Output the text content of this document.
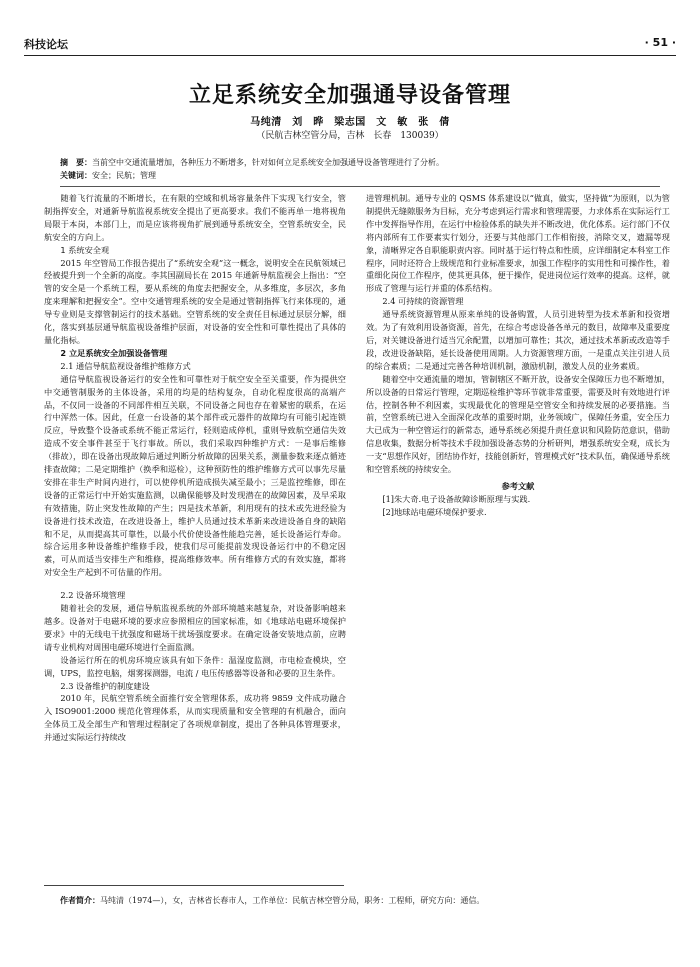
科技论坛	· 51 ·
立足系统安全加强通导设备管理
马纯清　刘　晔　梁志国　文　敏　张　倩
（民航吉林空管分局，吉林　长春　130039）
摘　要：当前空中交通流量增加，各种压力不断增多，针对如何立足系统安全加强通导设备管理进行了分析。
关键词：安全；民航；管理

随着飞行流量的不断增长，在有限的空域和机场容量条件下实现飞行安全，管制指挥安全，对通新导航监视系统安全提出了更高要求。我们不能再单一地将视角局限于本岗，本部门上，而是应该将视角扩展到通导系统安全，空管系统安全，民航安全的方向上。

1 系统安全观

2015 年空管局工作报告提出了“系统安全观”这一概念，说明安全在民航领域已经被提升到一个全新的高度。李其国副局长在 2015 年通新导航监视会上指出：“空管的安全是一个系统工程，要从系统的角度去把握安全，从多维度，多层次，多角度来理解和把握安全”。空中交通管理系统的安全是通过管制指挥飞行来体现的，通导专业则是支撑管制运行的技术基础。空管系统的安全责任目标通过层层分解，细化，落实到基层通导航监视设备维护层面，对设备的安全性和可靠性提出了具体的量化指标。

2 立足系统安全加强设备管理
2.1 通信导航监视设备维护维修方式

通信导航监视设备运行的安全性和可靠性对于航空安全至关重要，作为提供空中交通管制服务的主体设备，采用的均是的结构复杂，自动化程度很高的高端产品，不仅同一设备的不同部件相互关联，不同设备之间也存在着紧密的联系，在运行中浑然一体。因此，任意一台设备的某个部件或元器件的故障均有可能引起连锁反应，导致整个设备或系统不能正常运行，轻则造成停机，重则导致航空通信失效造成不安全事件甚至于飞行事故。所以，我们采取四种维护方式：一是事后维修（排故），即在设备出现故障后通过判断分析故障的因果关系，测量参数来逐点循迹排查故障；二是定期维护（换季和巡检），这种预防性的维护维修方式可以事先尽量安排在非生产时间内进行，可以使停机所造成损失减至最小；三是监控维修，即在设备的正常运行中开始实施监测，以确保能够及时发现潜在的故障因素，及早采取有效措施，防止突发性故障的产生；四是技术革新，利用现有的技术或先进经验为设备进行技术改造，在改进设备上，维护人员通过技术革新来改进设备自身的缺陷和不足，从而提高其可靠性，以最小代价使设备性能趋完善，延长设备运行寿命。综合运用多种设备维护维修手段，使我们尽可能提前发现设备运行中的不稳定因素，可从而适当安排生产和维修，提高维修效率。所有维修方式的有效实施，都将对安全生产起到不可估量的作用。

2.2 设备环境管理

随着社会的发展，通信导航监视系统的外部环境越来越复杂，对设备影响越来越多。设备对于电磁环境的要求应参照相应的国家标准，如《地球站电磁环境保护要求》中的无线电干扰强度和磁场干扰场强度要求。在确定设备安装地点前，应聘请专业机构对周围电磁环境进行全面监测。

设备运行所在的机房环境应该具有如下条件：温湿度监测，市电检查模块，空调，UPS，监控电脑，烟雾探测器，电流 / 电压传感器等设备和必要的卫生条件。

2.3 设备维护的制度建设

2010 年，民航空管系统全面推行安全管理体系，成功将 9859 文件成功融合入 ISO9001:2000 规范化管理体系，从而实现质量和安全管理的有机融合，面向全体员工及全部生产和管理过程制定了各项规章制度，提出了各种具体管理要求，并通过实际运行持续改

进管理机制。通导专业的 QSMS 体系建设以“做真，做实，坚持做”为原则，以为管制提供无缝隙服务为目标，充分考虑到运行需求和管理需要，力求体系在实际运行工作中发挥指导作用，在运行中检验体系的缺失并不断改进，优化体系。运行部门不仅将内部所有工作要素实行划分，还要与其他部门工作相衔接，消除交叉，遗漏等现象，清晰界定各自职能职责内容。同时基于运行特点和性质，应详细制定本科室工作程序，同时还符合上级规范和行业标准要求，加强工作程序的实用性和可操作性，着重细化岗位工作程序，使其更具体，便于操作，促进岗位运行效率的提高。这样，就形成了管理与运行并重的体系结构。

2.4 可持续的资源管理

通导系统资源管理从原来单纯的设备购置，人员引进转型为技术革新和投资增效。为了有效利用设备资源，首先，在综合考虑设备各单元的数目，故障率及重要度后，对关键设备进行适当冗余配置，以增加可靠性；其次，通过技术革新或改造等手段，改进设备缺陷，延长设备使用周期。人力资源管理方面，一是重点关注引进人员的综合素质；二是通过完善各种培训机制，激励机制，激发人员的业务素质。

随着空中交通流量的增加，管制辖区不断开放，设备安全保障压力也不断增加，所以设备的日常运行管理，定期巡检维护等环节就非常重要，需要及时有效地进行评估，控制各种不利因素，实现最优化的管理是空管安全和持续发展的必要措施。当前，空管系统已进入全面深化改革的重要时期，业务领域广，保障任务重，安全压力大已成为一种空管运行的新常态，通导系统必须提升责任意识和风险防范意识，借助信息收集，数据分析等技术手段加强设备态势的分析研判，增强系统安全观，成长为一支“思想作风好，团结协作好，技能创新好，管理模式好”技术队伍，确保通导系统和空管系统的持续安全。

参考文献

[1]朱大奇.电子设备故障诊断原理与实践.

[2]地球站电磁环境保护要求.

作者简介：马纯清（1974—），女，吉林省长春市人，工作单位：民航吉林空管分局，职务：工程师，研究方向：通信。
